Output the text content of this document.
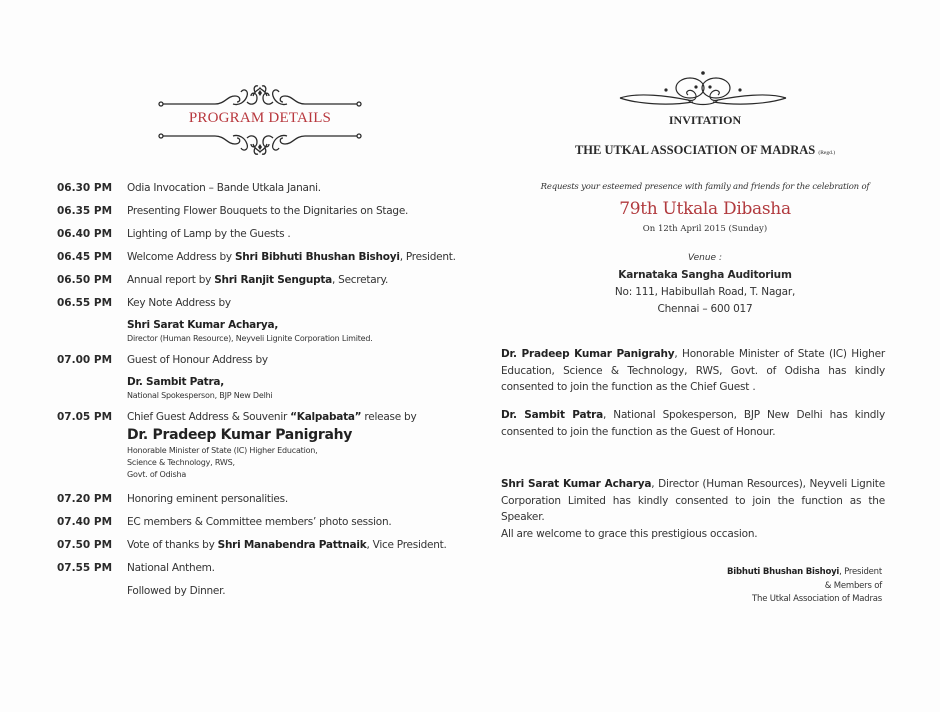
PROGRAM DETAILS
06.30 PM	Odia Invocation – Bande Utkala Janani.
06.35 PM	Presenting Flower Bouquets to the Dignitaries on Stage.
06.40 PM	Lighting of Lamp by the Guests .
06.45 PM	Welcome Address by Shri Bibhuti Bhushan Bishoyi, President.
06.50 PM	Annual report by Shri Ranjit Sengupta, Secretary.
06.55 PM	Key Note Address by
Shri Sarat Kumar Acharya,
Director (Human Resource), Neyveli Lignite Corporation Limited.
07.00 PM	Guest of Honour Address by
Dr. Sambit Patra,
National Spokesperson, BJP New Delhi
07.05 PM	Chief Guest Address & Souvenir “Kalpabata” release by
Dr. Pradeep Kumar Panigrahy
Honorable Minister of State (IC) Higher Education,
Science & Technology, RWS,
Govt. of Odisha
07.20 PM	Honoring eminent personalities.
07.40 PM	EC members & Committee members’ photo session.
07.50 PM	Vote of thanks by Shri Manabendra Pattnaik, Vice President.
07.55 PM	National Anthem.
Followed by Dinner.
INVITATION
THE UTKAL ASSOCIATION OF MADRAS (Regd.)
Requests your esteemed presence with family and friends for the celebration of
79th Utkala Dibasha
On 12th April 2015 (Sunday)
Venue :
Karnataka Sangha Auditorium
No: 111, Habibullah Road, T. Nagar,
Chennai – 600 017
Dr. Pradeep Kumar Panigrahy, Honorable Minister of State (IC) Higher Education, Science & Technology, RWS, Govt. of Odisha has kindly consented to join the function as the Chief Guest .
Dr. Sambit Patra, National Spokesperson, BJP New Delhi has kindly consented to join the function as the Guest of Honour.
Shri Sarat Kumar Acharya, Director (Human Resources), Neyveli Lignite Corporation Limited has kindly consented to join the function as the Speaker.
All are welcome to grace this prestigious occasion.
Bibhuti Bhushan Bishoyi, President
& Members of
The Utkal Association of Madras
